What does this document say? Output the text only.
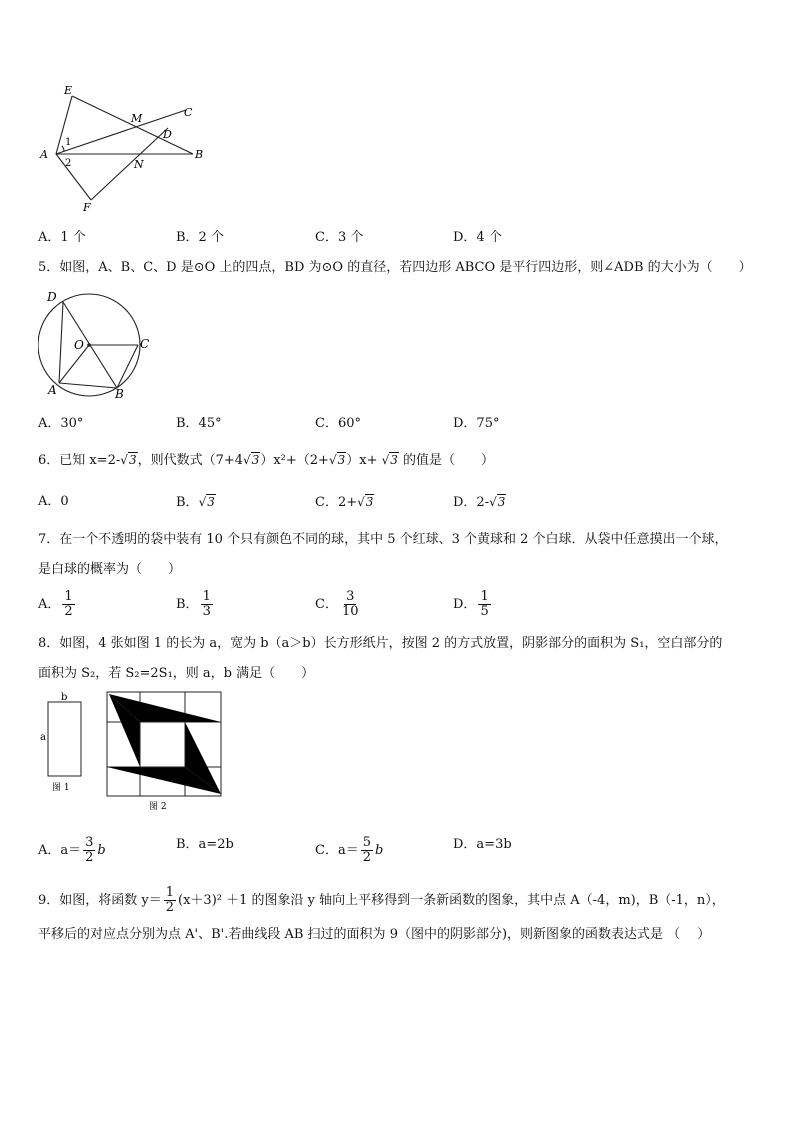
E
C
M
D
A
1
2	N
B
F
A．1 个	B．2 个	C．3 个	D．4 个
5．如图，A、B、C、D 是⊙O 上的四点，BD 为⊙O 的直径，若四边形 ABCO 是平行四边形，则∠ADB 的大小为（　　）
D
O	C
A	B
A．30°	B．45°	C．60°	D．75°
6．已知 x=2-√3，则代数式（7+4√3）x²+（2+√3）x+ √3 的值是（　　）
A．0	B．√3	C．2+√3	D．2-√3
7．在一个不透明的袋中装有 10 个只有颜色不同的球，其中 5 个红球、3 个黄球和 2 个白球．从袋中任意摸出一个球，
是白球的概率为（　　）
A． $\frac{1}{2}$	B． $\frac{1}{3}$	C． $\frac{3}{10}$	D． $\frac{1}{5}$
8．如图，4 张如图 1 的长为 a，宽为 b（a＞b）长方形纸片，按图 2 的方式放置，阴影部分的面积为 S₁，空白部分的
面积为 S₂，若 S₂=2S₁，则 a，b 满足（　　）
b
a
图 1
图 2
A．$a= \frac{3}{2}$ b	B．a=2b	C．$a= \frac{5}{2}$ b	D．a=3b
9．如图，将函数 $y= \frac{1}{2} (x+3)^2 +1$ 的图象沿 y 轴向上平移得到一条新函数的图象，其中点 A（-4，m)，B（-1，n），
平移后的对应点分别为点 A'、B'.若曲线段 AB 扫过的面积为 9（图中的阴影部分)，则新图象的函数表达式是 （　 ）
